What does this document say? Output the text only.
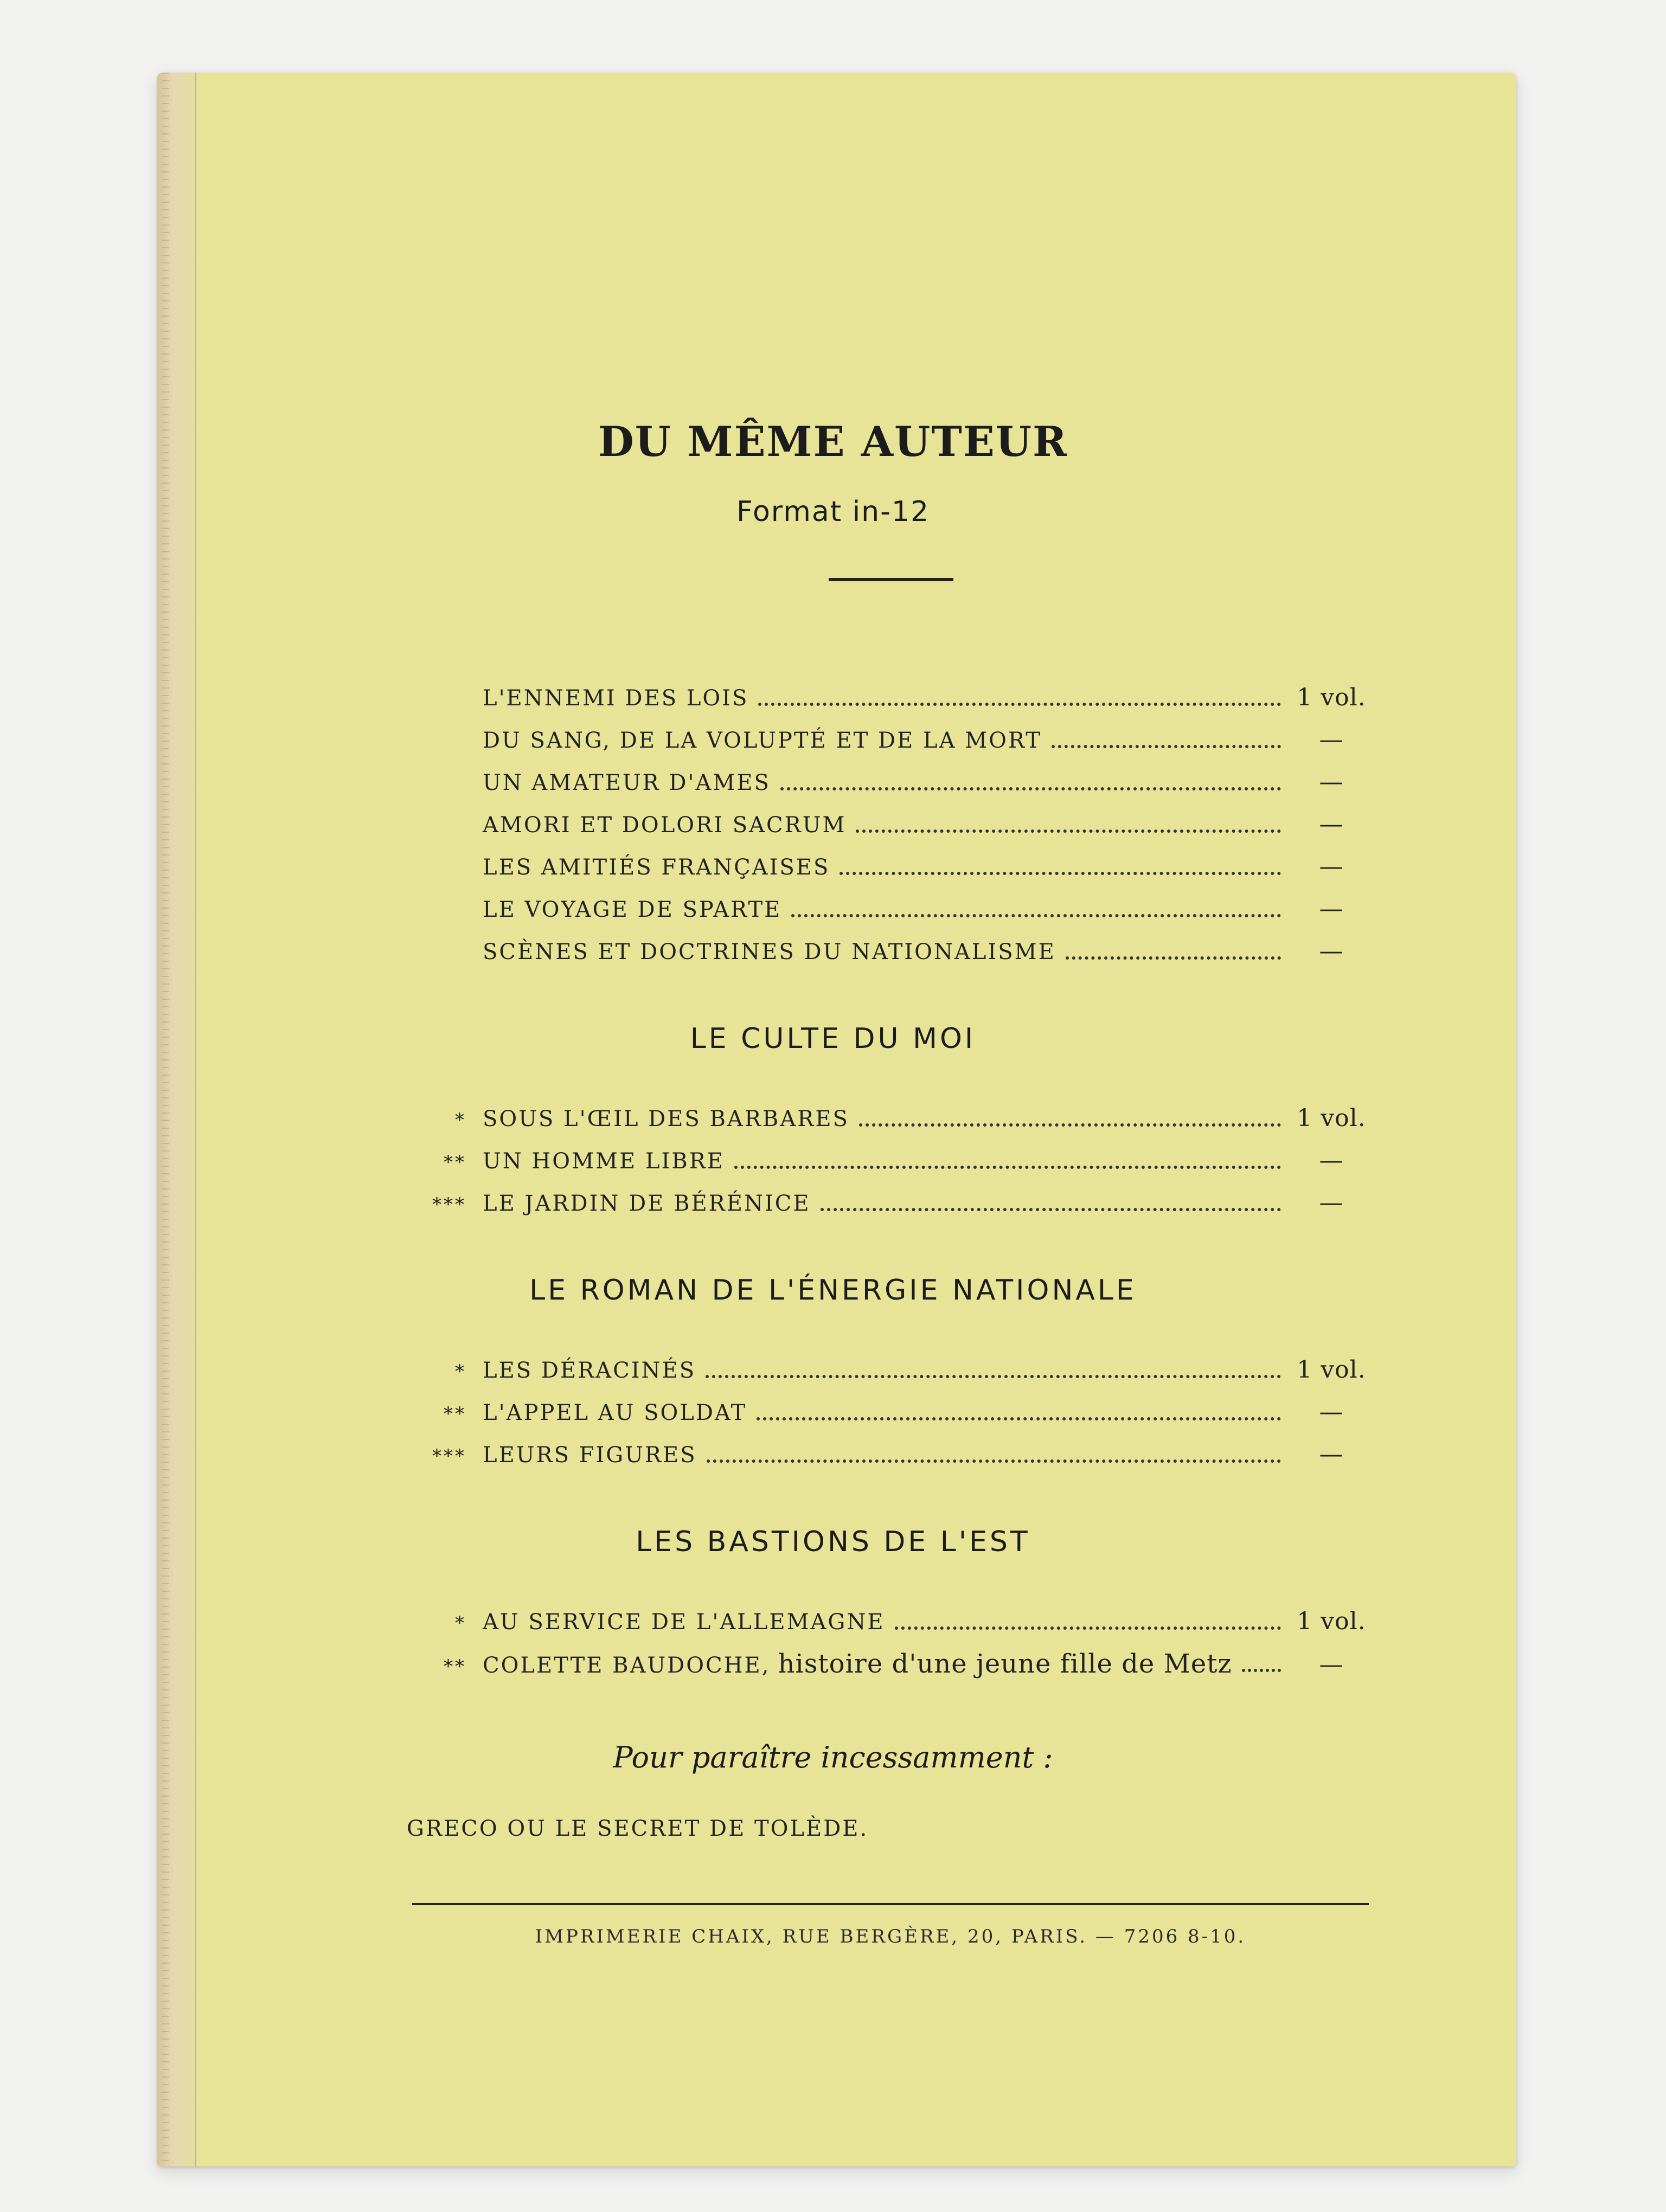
DU MÊME AUTEUR
Format in-12
L'ENNEMI DES LOIS	1 vol.
DU SANG, DE LA VOLUPTÉ ET DE LA MORT	—
UN AMATEUR D'AMES	—
AMORI ET DOLORI SACRUM	—
LES AMITIÉS FRANÇAISES	—
LE VOYAGE DE SPARTE	—
SCÈNES ET DOCTRINES DU NATIONALISME	—
LE CULTE DU MOI
* SOUS L'ŒIL DES BARBARES	1 vol.
** UN HOMME LIBRE	—
*** LE JARDIN DE BÉRÉNICE	—
LE ROMAN DE L'ÉNERGIE NATIONALE
* LES DÉRACINÉS	1 vol.
** L'APPEL AU SOLDAT	—
*** LEURS FIGURES	—
LES BASTIONS DE L'EST
* AU SERVICE DE L'ALLEMAGNE	1 vol.
** COLETTE BAUDOCHE, histoire d'une jeune fille de Metz	—
Pour paraître incessamment :
GRECO OU LE SECRET DE TOLÈDE.
IMPRIMERIE CHAIX, RUE BERGÈRE, 20, PARIS. — 7206 8-10.
